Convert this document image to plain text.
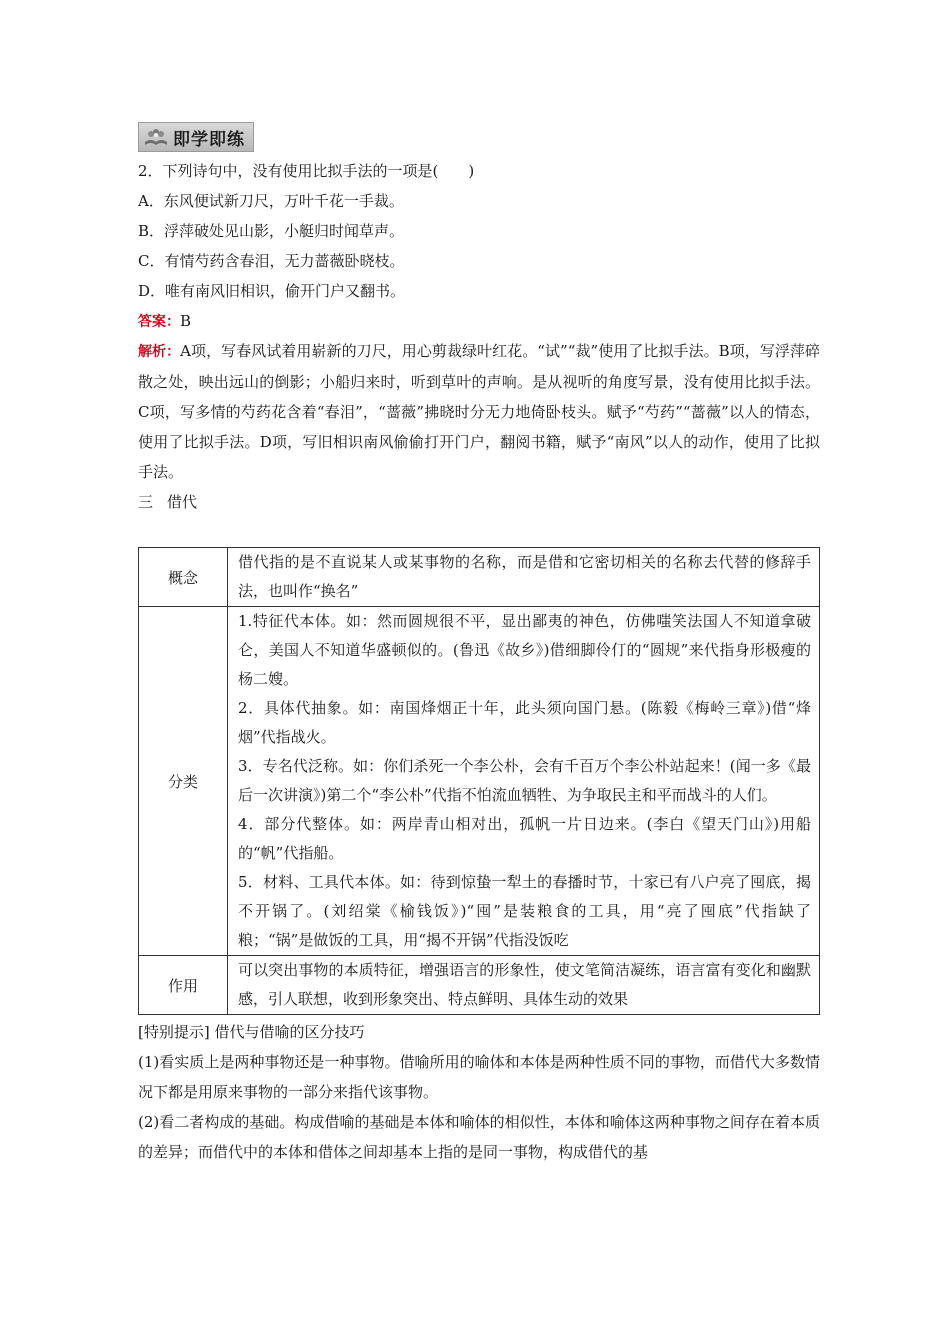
即学即练
2．下列诗句中，没有使用比拟手法的一项是(　　)
A．东风便试新刀尺，万叶千花一手裁。
B．浮萍破处见山影，小艇归时闻草声。
C．有情芍药含春泪，无力蔷薇卧晓枝。
D．唯有南风旧相识，偷开门户又翻书。
答案：B
解析：A项，写春风试着用崭新的刀尺，用心剪裁绿叶红花。“试”“裁”使用了比拟手法。B项，写浮萍碎散之处，映出远山的倒影；小船归来时，听到草叶的声响。是从视听的角度写景，没有使用比拟手法。C项，写多情的芍药花含着“春泪”，“蔷薇”拂晓时分无力地倚卧枝头。赋予“芍药”“蔷薇”以人的情态，使用了比拟手法。D项，写旧相识南风偷偷打开门户，翻阅书籍，赋予“南风”以人的动作，使用了比拟手法。
三 借代
概念	借代指的是不直说某人或某事物的名称，而是借和它密切相关的名称去代替的修辞手法，也叫作“换名”

分类	1.特征代本体。如：然而圆规很不平，显出鄙夷的神色，仿佛嗤笑法国人不知道拿破仑，美国人不知道华盛顿似的。(鲁迅《故乡》)借细脚伶仃的“圆规”来代指身形极瘦的杨二嫂。
2．具体代抽象。如：南国烽烟正十年，此头须向国门悬。(陈毅《梅岭三章》)借“烽烟”代指战火。
3．专名代泛称。如：你们杀死一个李公朴，会有千百万个李公朴站起来！(闻一多《最后一次讲演》)第二个“李公朴”代指不怕流血牺牲、为争取民主和平而战斗的人们。
4．部分代整体。如：两岸青山相对出，孤帆一片日边来。(李白《望天门山》)用船的“帆”代指船。
5．材料、工具代本体。如：待到惊蛰一犁土的春播时节，十家已有八户亮了囤底，揭不开锅了。(刘绍棠《榆钱饭》)“囤”是装粮食的工具，用“亮了囤底”代指缺了粮；“锅”是做饭的工具，用“揭不开锅”代指没饭吃

作用	可以突出事物的本质特征，增强语言的形象性，使文笔简洁凝练，语言富有变化和幽默感，引人联想，收到形象突出、特点鲜明、具体生动的效果
[特别提示] 借代与借喻的区分技巧
(1)看实质上是两种事物还是一种事物。借喻所用的喻体和本体是两种性质不同的事物，而借代大多数情况下都是用原来事物的一部分来指代该事物。
(2)看二者构成的基础。构成借喻的基础是本体和喻体的相似性，本体和喻体这两种事物之间存在着本质的差异；而借代中的本体和借体之间却基本上指的是同一事物，构成借代的基
